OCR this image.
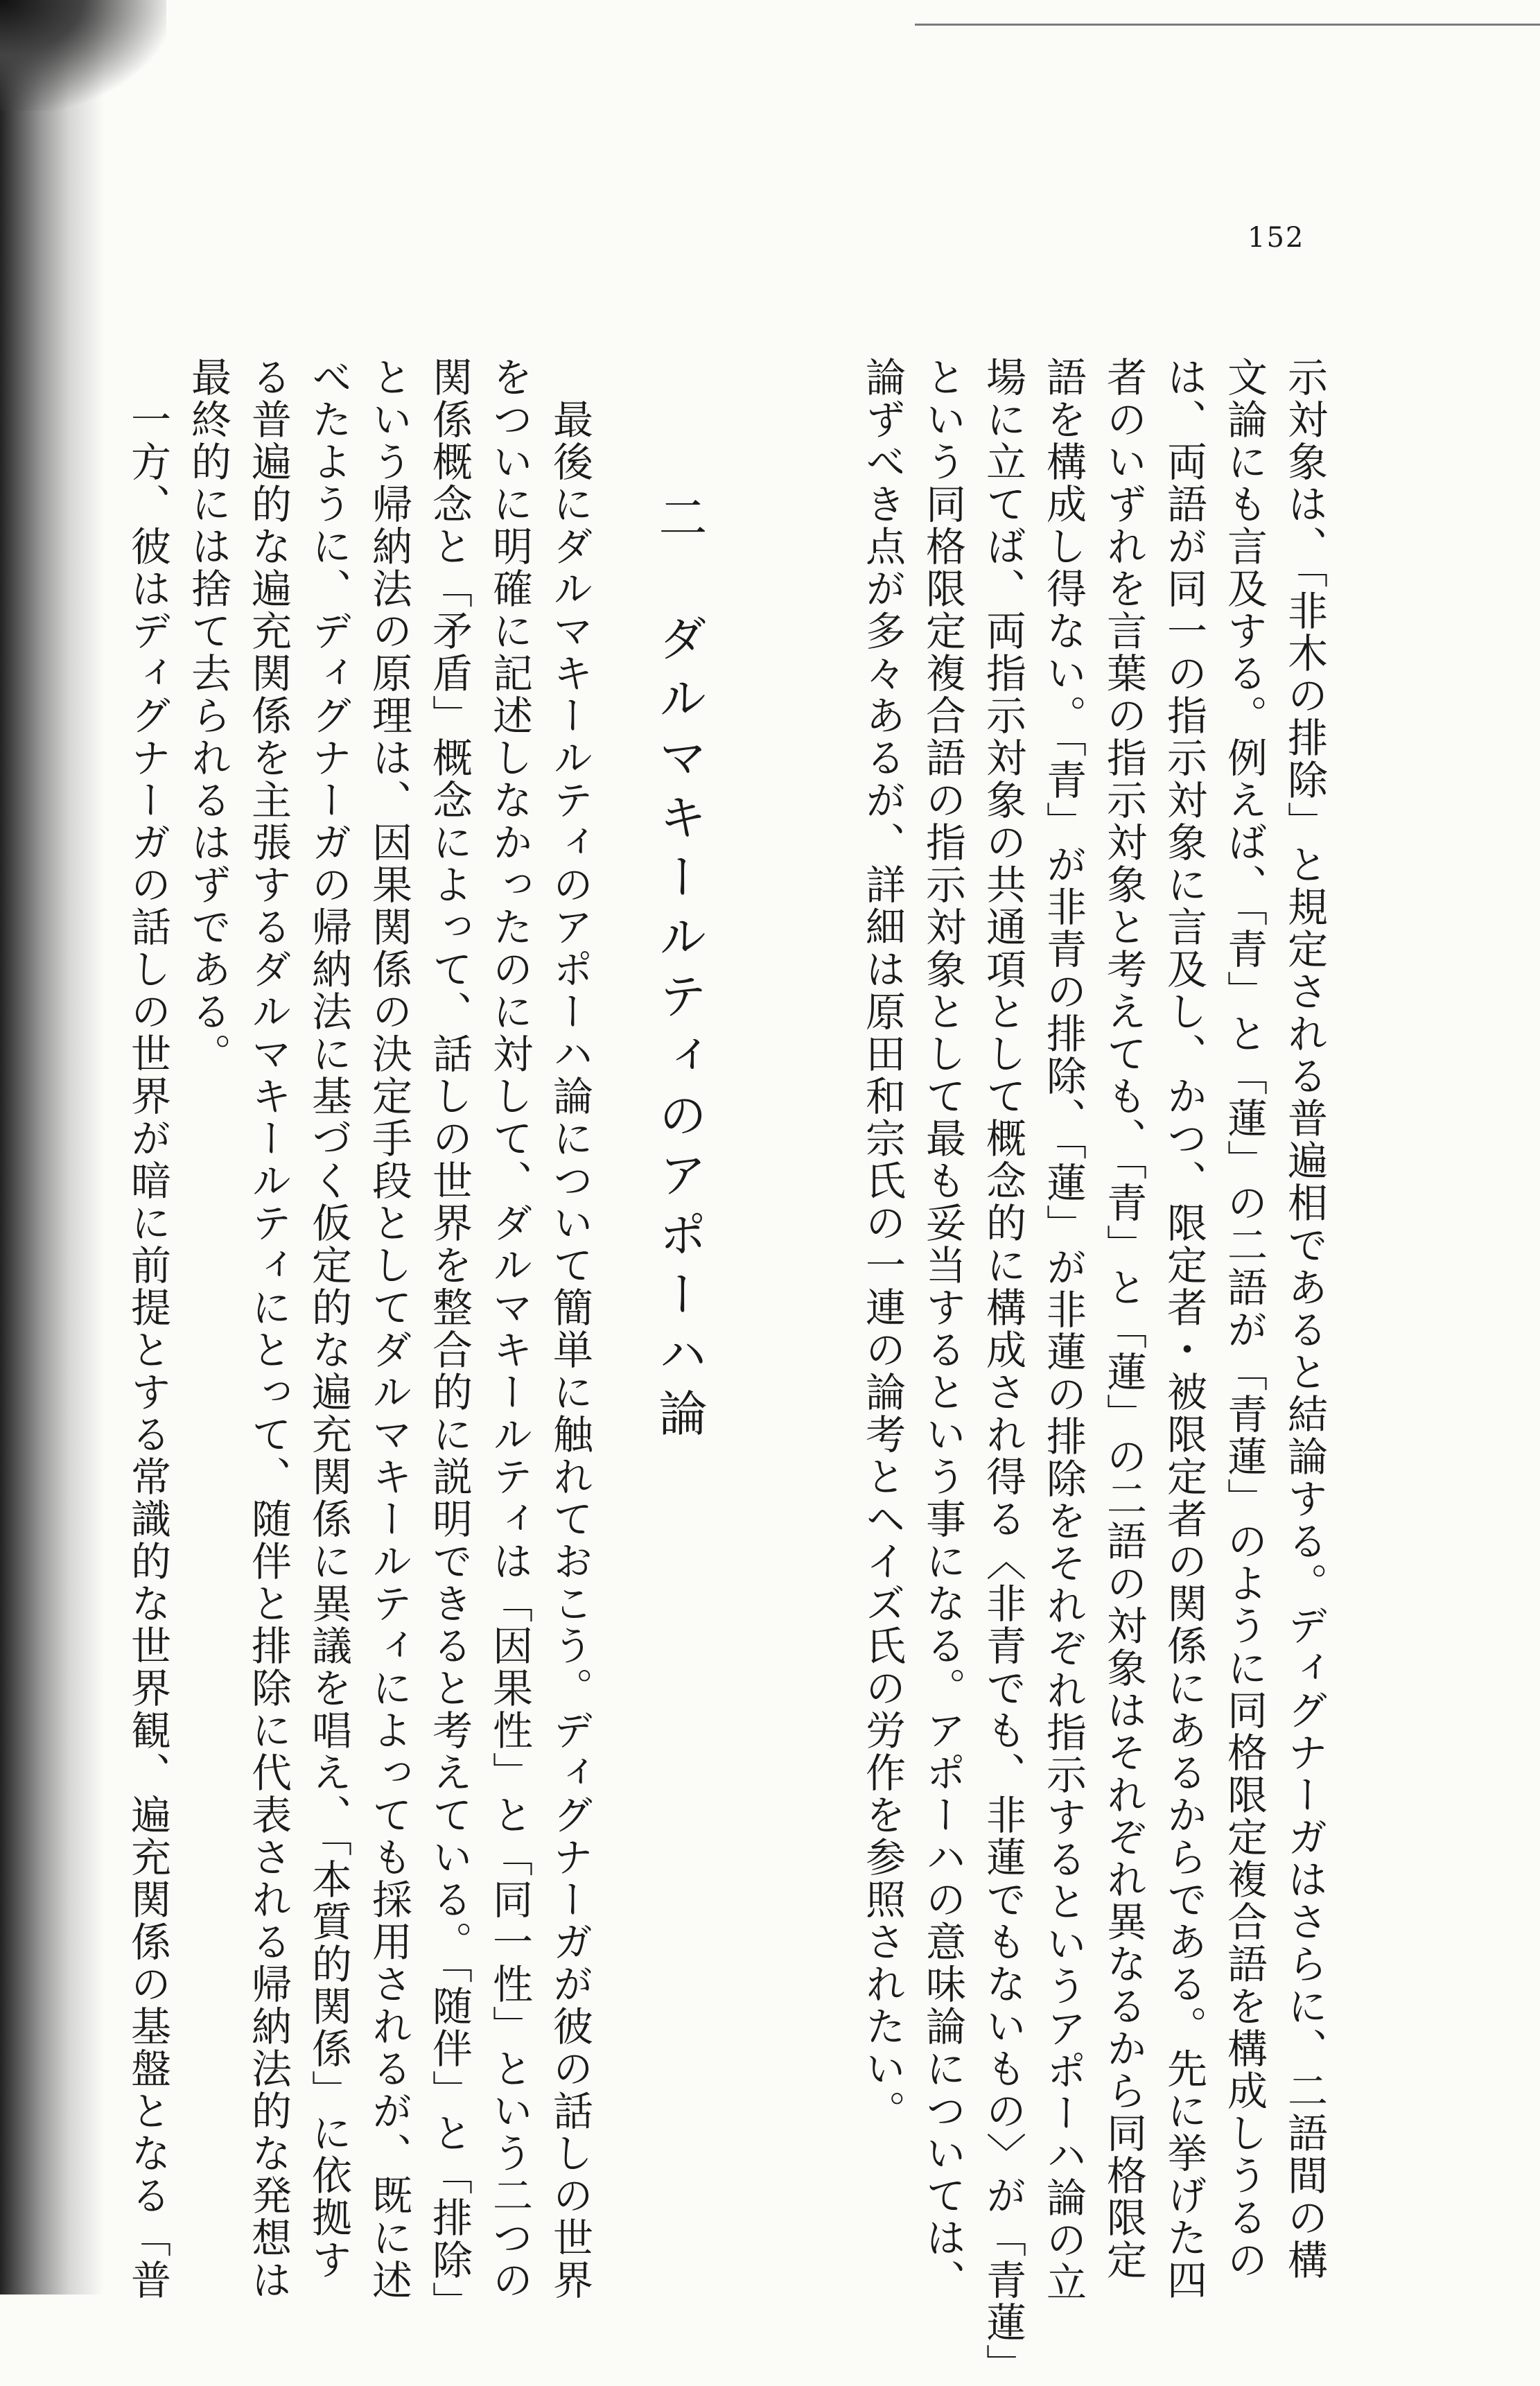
152
示対象は、「非木の排除」と規定される普遍相であると結論する。ディグナーガはさらに、二語間の構
文論にも言及する。例えば、「青」と「蓮」の二語が「青蓮」のように同格限定複合語を構成しうるの
は、両語が同一の指示対象に言及し、かつ、限定者・被限定者の関係にあるからである。先に挙げた四
者のいずれを言葉の指示対象と考えても、「青」と「蓮」の二語の対象はそれぞれ異なるから同格限定
語を構成し得ない。「青」が非青の排除、「蓮」が非蓮の排除をそれぞれ指示するというアポーハ論の立
場に立てば、両指示対象の共通項として概念的に構成され得る〈非青でも、非蓮でもないもの〉が「青蓮」
という同格限定複合語の指示対象として最も妥当するという事になる。アポーハの意味論については、
論ずべき点が多々あるが、詳細は原田和宗氏の一連の論考とヘイズ氏の労作を参照されたい。
二 ダルマキールティのアポーハ論
　最後にダルマキールティのアポーハ論について簡単に触れておこう。ディグナーガが彼の話しの世界
をついに明確に記述しなかったのに対して、ダルマキールティは「因果性」と「同一性」という二つの
関係概念と「矛盾」概念によって、話しの世界を整合的に説明できると考えている。「随伴」と「排除」
という帰納法の原理は、因果関係の決定手段としてダルマキールティによっても採用されるが、既に述
べたように、ディグナーガの帰納法に基づく仮定的な遍充関係に異議を唱え、「本質的関係」に依拠す
る普遍的な遍充関係を主張するダルマキールティにとって、随伴と排除に代表される帰納法的な発想は
最終的には捨て去られるはずである。
　一方、彼はディグナーガの話しの世界が暗に前提とする常識的な世界観、遍充関係の基盤となる「普
